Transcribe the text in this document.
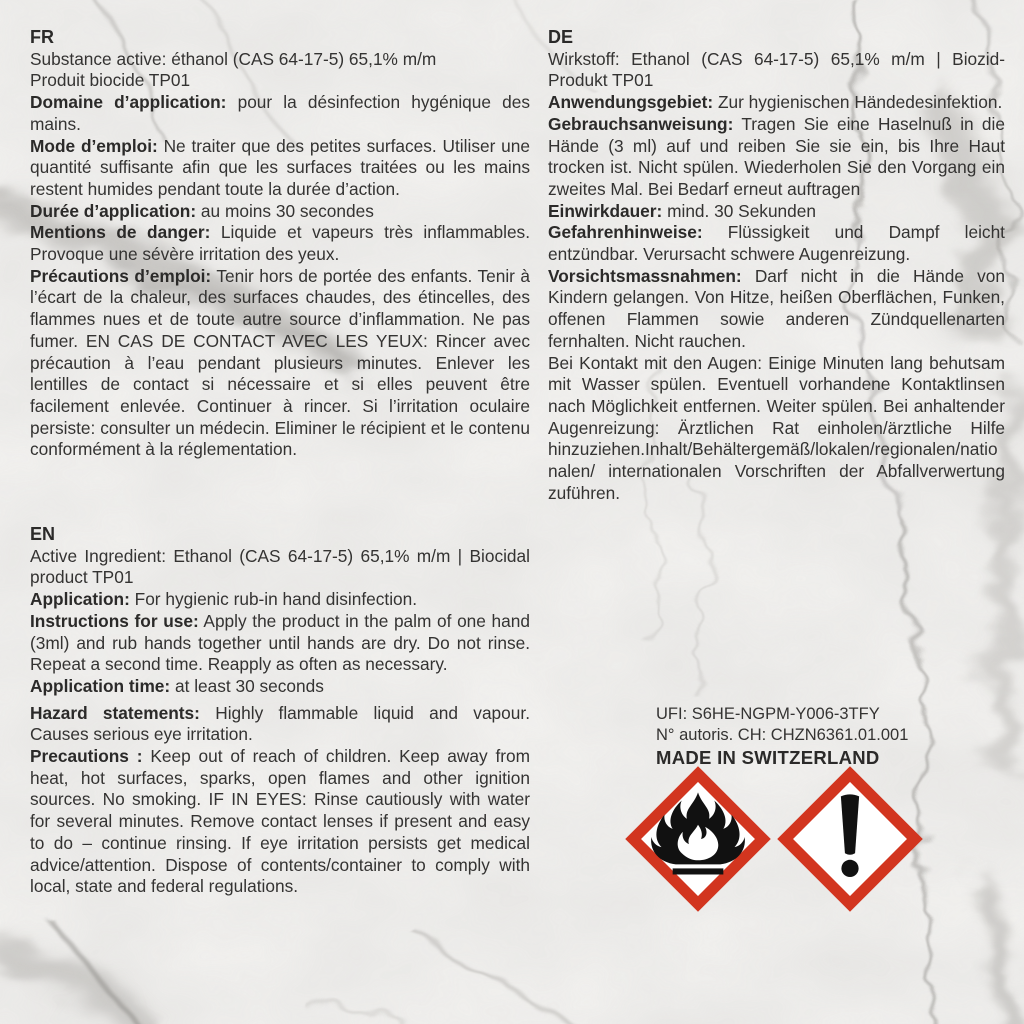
FR

Substance active: éthanol (CAS 64-17-5) 65,1% m/m

Produit biocide TP01

Domaine d’application: pour la désinfection hygénique des mains.

Mode d’emploi: Ne traiter que des petites surfaces. Utiliser une quantité suffisante afin que les surfaces traitées ou les mains restent humides pendant toute la durée d’action.

Durée d’application: au moins 30 secondes

Mentions de danger: Liquide et vapeurs très inflammables. Provoque une sévère irritation des yeux.

Précautions d’emploi: Tenir hors de portée des enfants. Tenir à l’écart de la chaleur, des surfaces chaudes, des étincelles, des flammes nues et de toute autre source d’inflammation. Ne pas fumer. EN CAS DE CONTACT AVEC LES YEUX: Rincer avec précaution à l’eau pendant plusieurs minutes. Enlever les lentilles de contact si nécessaire et si elles peuvent être facilement enlevée. Continuer à rincer. Si l’irritation oculaire persiste: consulter un médecin. Eliminer le récipient et le contenu conformément à la réglementation.

EN

Active Ingredient: Ethanol (CAS 64-17-5) 65,1% m/m | Biocidal product TP01

Application: For hygienic rub-in hand disinfection.

Instructions for use: Apply the product in the palm of one hand (3ml) and rub hands together until hands are dry. Do not rinse. Repeat a second time. Reapply as often as necessary.

Application time: at least 30 seconds

Hazard statements: Highly flammable liquid and vapour. Causes serious eye irritation.

Precautions : Keep out of reach of children. Keep away from heat, hot surfaces, sparks, open flames and other ignition sources. No smoking. IF IN EYES: Rinse cautiously with water for several minutes. Remove contact lenses if present and easy to do – continue rinsing. If eye irritation persists get medical advice/attention. Dispose of contents/container to comply with local, state and federal regulations.

DE

Wirkstoff: Ethanol (CAS 64-17-5) 65,1% m/m | Biozid-Produkt TP01

Anwendungsgebiet: Zur hygienischen Händedesinfektion.

Gebrauchsanweisung: Tragen Sie eine Haselnuß in die Hände (3 ml) auf und reiben Sie sie ein, bis Ihre Haut trocken ist. Nicht spülen. Wiederholen Sie den Vorgang ein zweites Mal. Bei Bedarf erneut auftragen

Einwirkdauer: mind. 30 Sekunden

Gefahrenhinweise: Flüssigkeit und Dampf leicht entzündbar. Verursacht schwere Augenreizung.

Vorsichtsmassnahmen: Darf nicht in die Hände von Kindern gelangen. Von Hitze, heißen Oberflächen, Funken, offenen Flammen sowie anderen Zündquellenarten fernhalten. Nicht rauchen.

Bei Kontakt mit den Augen: Einige Minuten lang behutsam mit Wasser spülen. Eventuell vorhandene Kontaktlinsen nach Möglichkeit entfernen. Weiter spülen. Bei anhaltender Augenreizung: Ärztlichen Rat einholen/ärztliche Hilfe hinzuziehen.Inhalt/Behältergemäß/lokalen/regionalen/nationalen/ internationalen Vorschriften der Abfallverwertung zuführen.

UFI: S6HE-NGPM-Y006-3TFY
N° autoris. CH: CHZN6361.01.001
MADE IN SWITZERLAND
